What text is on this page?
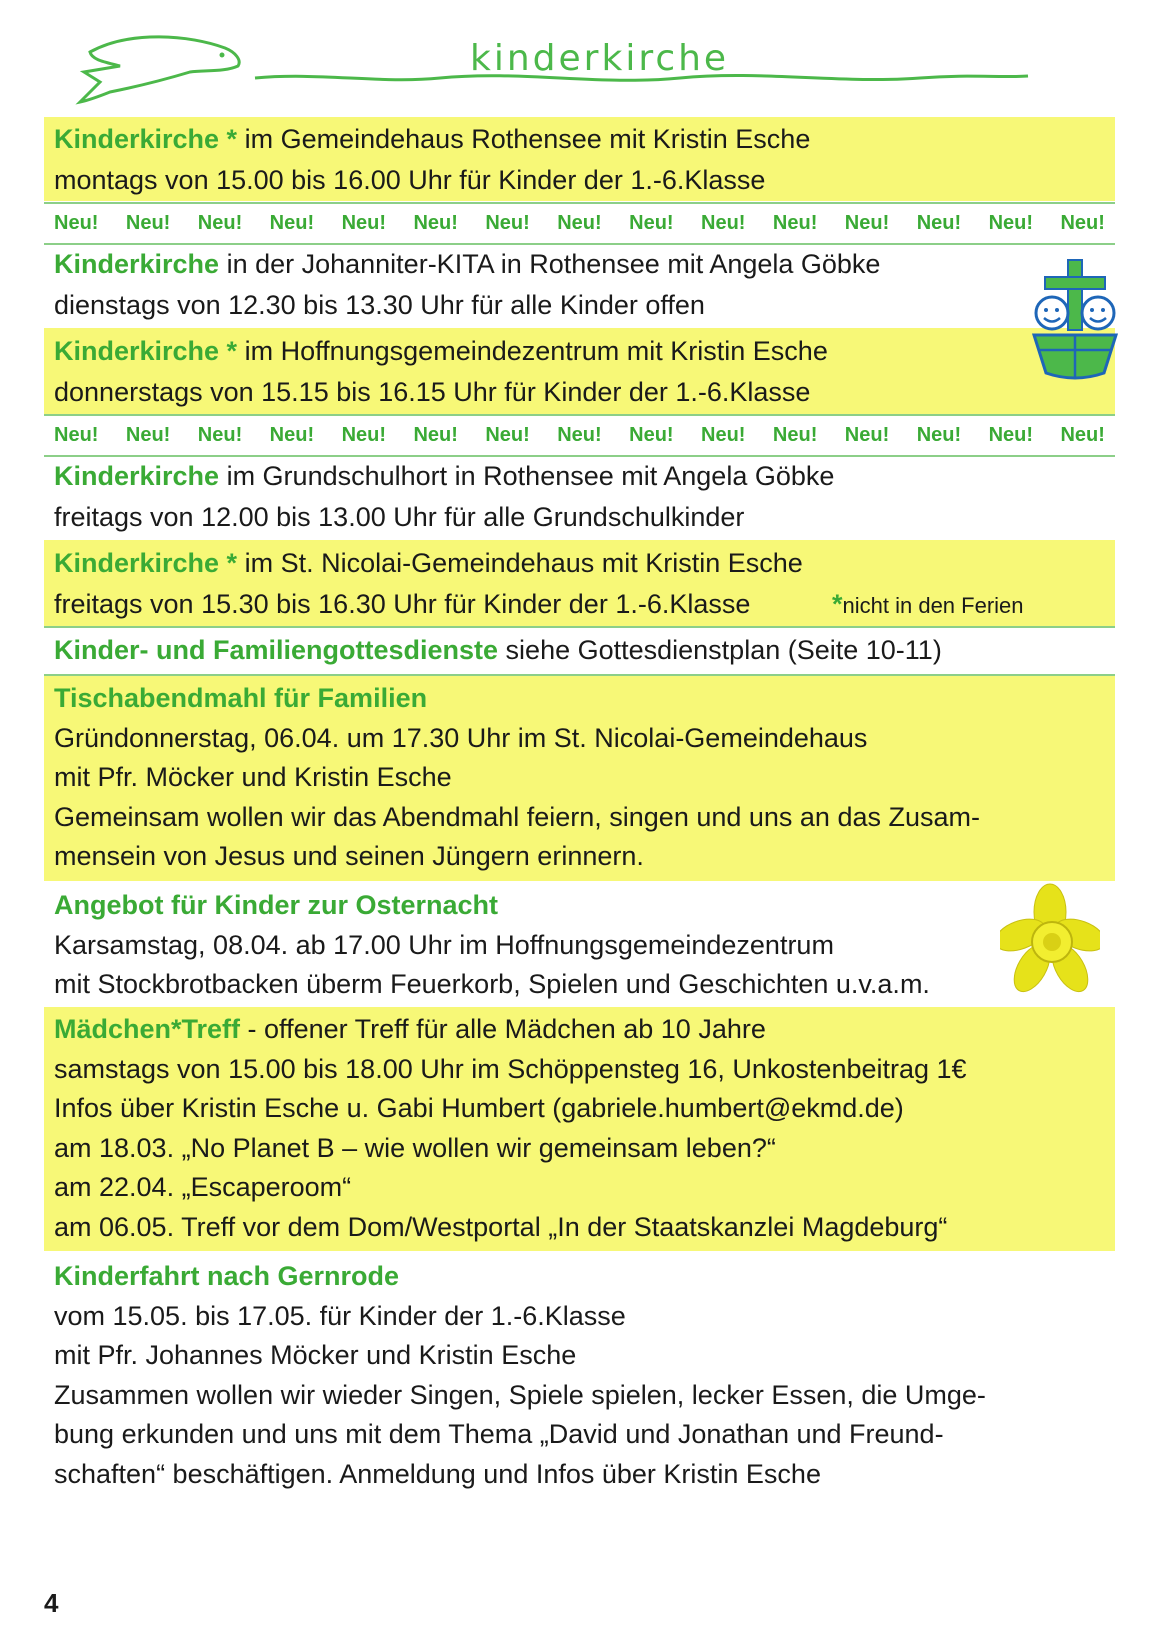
kinderkirche
Kinderkirche * im Gemeindehaus Rothensee mit Kristin Esche
montags von 15.00 bis 16.00 Uhr für Kinder der 1.-6.Klasse
Neu! Neu! Neu! Neu! Neu! Neu! Neu! Neu! Neu! Neu! Neu! Neu! Neu! Neu! Neu!
Kinderkirche in der Johanniter-KITA in Rothensee mit Angela Göbke
dienstags von 12.30 bis 13.30 Uhr für alle Kinder offen
Kinderkirche * im Hoffnungsgemeindezentrum mit Kristin Esche
donnerstags von 15.15 bis 16.15 Uhr für Kinder der 1.-6.Klasse
Neu! Neu! Neu! Neu! Neu! Neu! Neu! Neu! Neu! Neu! Neu! Neu! Neu! Neu! Neu!
Kinderkirche im Grundschulhort in Rothensee mit Angela Göbke
freitags von 12.00 bis 13.00 Uhr für alle Grundschulkinder
Kinderkirche * im St. Nicolai-Gemeindehaus mit Kristin Esche
freitags von 15.30 bis 16.30 Uhr für Kinder der 1.-6.Klasse	*nicht in den Ferien
Kinder- und Familiengottesdienste siehe Gottesdienstplan (Seite 10-11)
Tischabendmahl für Familien
Gründonnerstag, 06.04. um 17.30 Uhr im St. Nicolai-Gemeindehaus
mit Pfr. Möcker und Kristin Esche
Gemeinsam wollen wir das Abendmahl feiern, singen und uns an das Zusam-
mensein von Jesus und seinen Jüngern erinnern.
Angebot für Kinder zur Osternacht
Karsamstag, 08.04. ab 17.00 Uhr im Hoffnungsgemeindezentrum
mit Stockbrotbacken überm Feuerkorb, Spielen und Geschichten u.v.a.m.
Mädchen*Treff - offener Treff für alle Mädchen ab 10 Jahre
samstags von 15.00 bis 18.00 Uhr im Schöppensteg 16, Unkostenbeitrag 1€
Infos über Kristin Esche u. Gabi Humbert (gabriele.humbert@ekmd.de)
am 18.03. „No Planet B – wie wollen wir gemeinsam leben?“
am 22.04. „Escaperoom“
am 06.05. Treff vor dem Dom/Westportal „In der Staatskanzlei Magdeburg“
Kinderfahrt nach Gernrode
vom 15.05. bis 17.05. für Kinder der 1.-6.Klasse
mit Pfr. Johannes Möcker und Kristin Esche
Zusammen wollen wir wieder Singen, Spiele spielen, lecker Essen, die Umge-
bung erkunden und uns mit dem Thema „David und Jonathan und Freund-
schaften“ beschäftigen. Anmeldung und Infos über Kristin Esche
4
